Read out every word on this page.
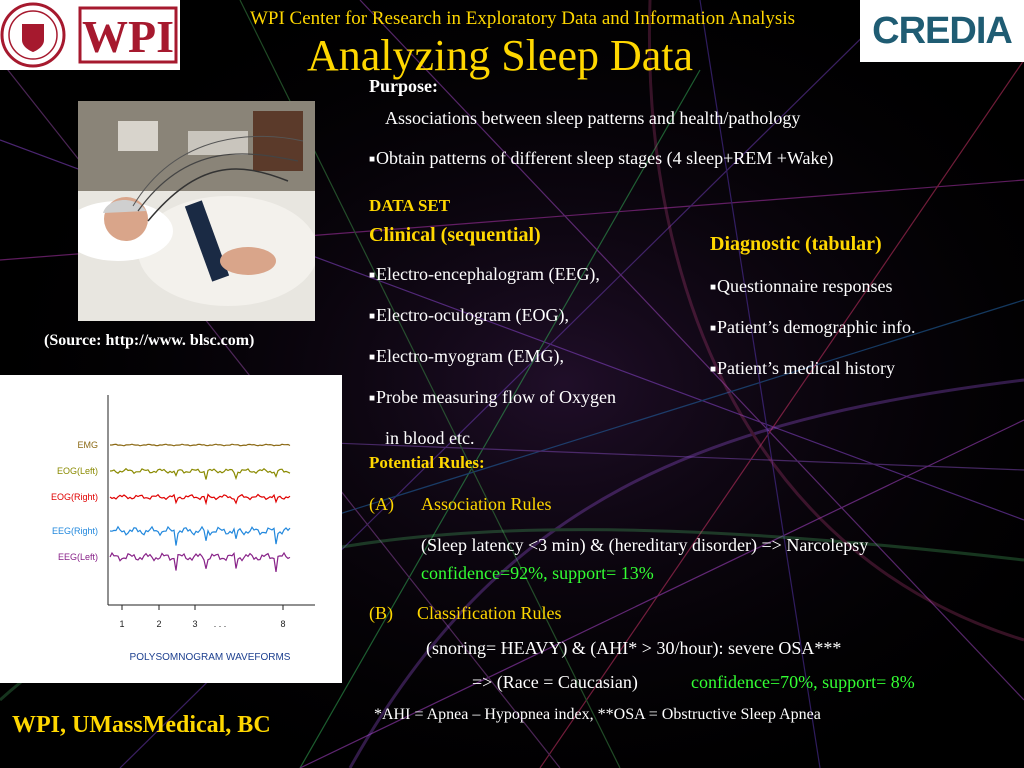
WPI	WPI Center for Research in Exploratory Data and Information Analysis
Analyzing Sleep Data
CREDIA
(Source: http://www. blsc.com)
EMG
EOG(Left)
EOG(Right)
EEG(Right)
EEG(Left)
1	2	3 . . .	8
POLYSOMNOGRAM WAVEFORMS
Purpose:
Associations between sleep patterns and health/pathology
■Obtain patterns of different sleep stages (4 sleep+REM +Wake)
DATA SET
Clinical (sequential)
■Electro-encephalogram (EEG),
■Electro-oculogram (EOG),
■Electro-myogram (EMG),
■Probe measuring flow of Oxygen
in blood etc.
Diagnostic (tabular)
■Questionnaire responses
■Patient’s demographic info.
■Patient’s medical history
Potential Rules:
(A) Association Rules
(Sleep latency <3 min) & (hereditary disorder) => Narcolepsy
confidence=92%, support= 13%
(B) Classification Rules
(snoring= HEAVY) & (AHI* > 30/hour): severe OSA***
=> (Race = Caucasian)	confidence=70%, support= 8%
*AHI = Apnea – Hypopnea index, **OSA = Obstructive Sleep Apnea
WPI, UMassMedical, BC
